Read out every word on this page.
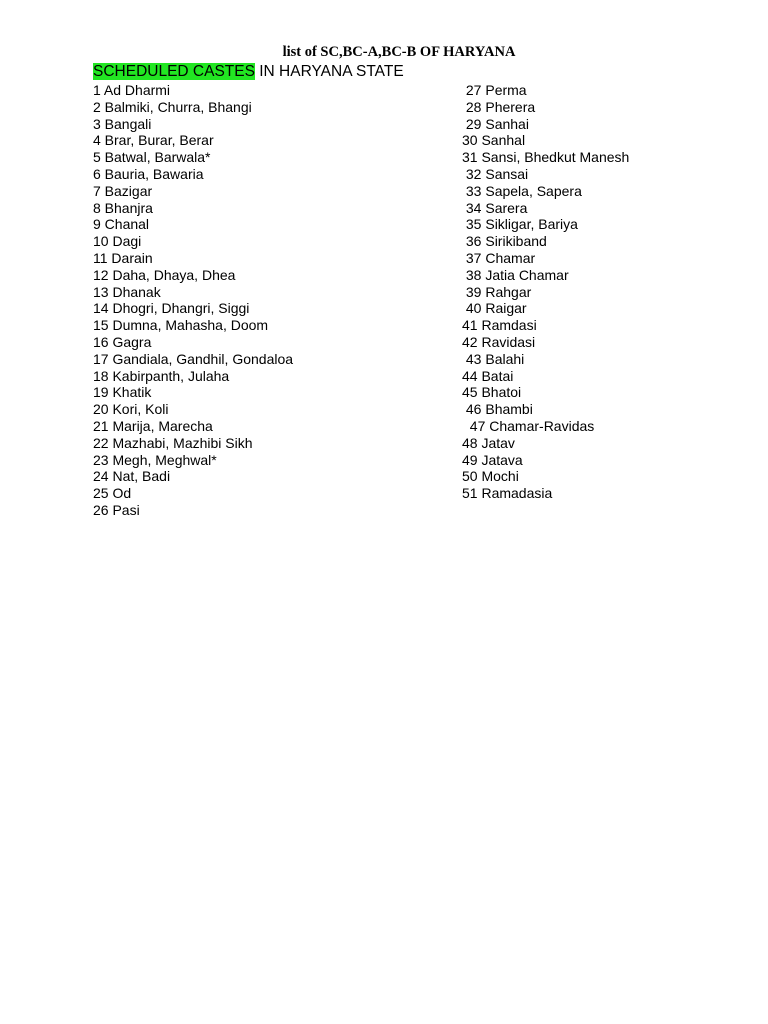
list of SC,BC-A,BC-B OF HARYANA
SCHEDULED CASTES IN HARYANA STATE
1 Ad Dharmi
2 Balmiki, Churra, Bhangi
3 Bangali
4 Brar, Burar, Berar
5 Batwal, Barwala*
6 Bauria, Bawaria
7 Bazigar
8 Bhanjra
9 Chanal
10 Dagi
11 Darain
12 Daha, Dhaya, Dhea
13 Dhanak
14 Dhogri, Dhangri, Siggi
15 Dumna, Mahasha, Doom
16 Gagra
17 Gandiala, Gandhil, Gondaloa
18 Kabirpanth, Julaha
19 Khatik
20 Kori, Koli
21 Marija, Marecha
22 Mazhabi, Mazhibi Sikh
23 Megh, Meghwal*
24 Nat, Badi
25 Od
26 Pasi
27 Perma
28 Pherera
29 Sanhai
30 Sanhal
31 Sansi, Bhedkut Manesh
32 Sansai
33 Sapela, Sapera
34 Sarera
35 Sikligar, Bariya
36 Sirikiband
37 Chamar
38 Jatia Chamar
39 Rahgar
40 Raigar
41 Ramdasi
42 Ravidasi
43 Balahi
44 Batai
45 Bhatoi
46 Bhambi
47 Chamar-Ravidas
48 Jatav
49 Jatava
50 Mochi
51 Ramadasia
